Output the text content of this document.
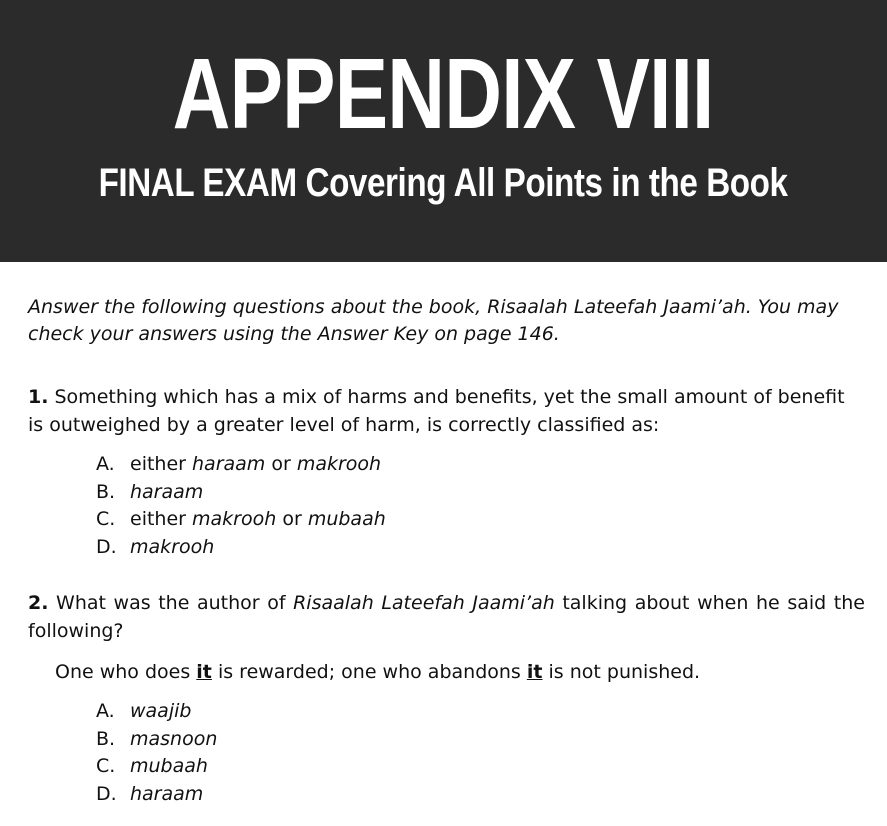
APPENDIX VIII
FINAL EXAM Covering All Points in the Book

Answer the following questions about the book, Risaalah Lateefah Jaami’ah. You may
check your answers using the Answer Key on page 146.

1. Something which has a mix of harms and benefits, yet the small amount of benefit is outweighed by a greater level of harm, is correctly classified as:

A. either haraam or makrooh
B. haraam
C. either makrooh or mubaah
D. makrooh

2. What was the author of Risaalah Lateefah Jaami’ah talking about when he said the following?

One who does it is rewarded; one who abandons it is not punished.

A. waajib
B. masnoon
C. mubaah
D. haraam
